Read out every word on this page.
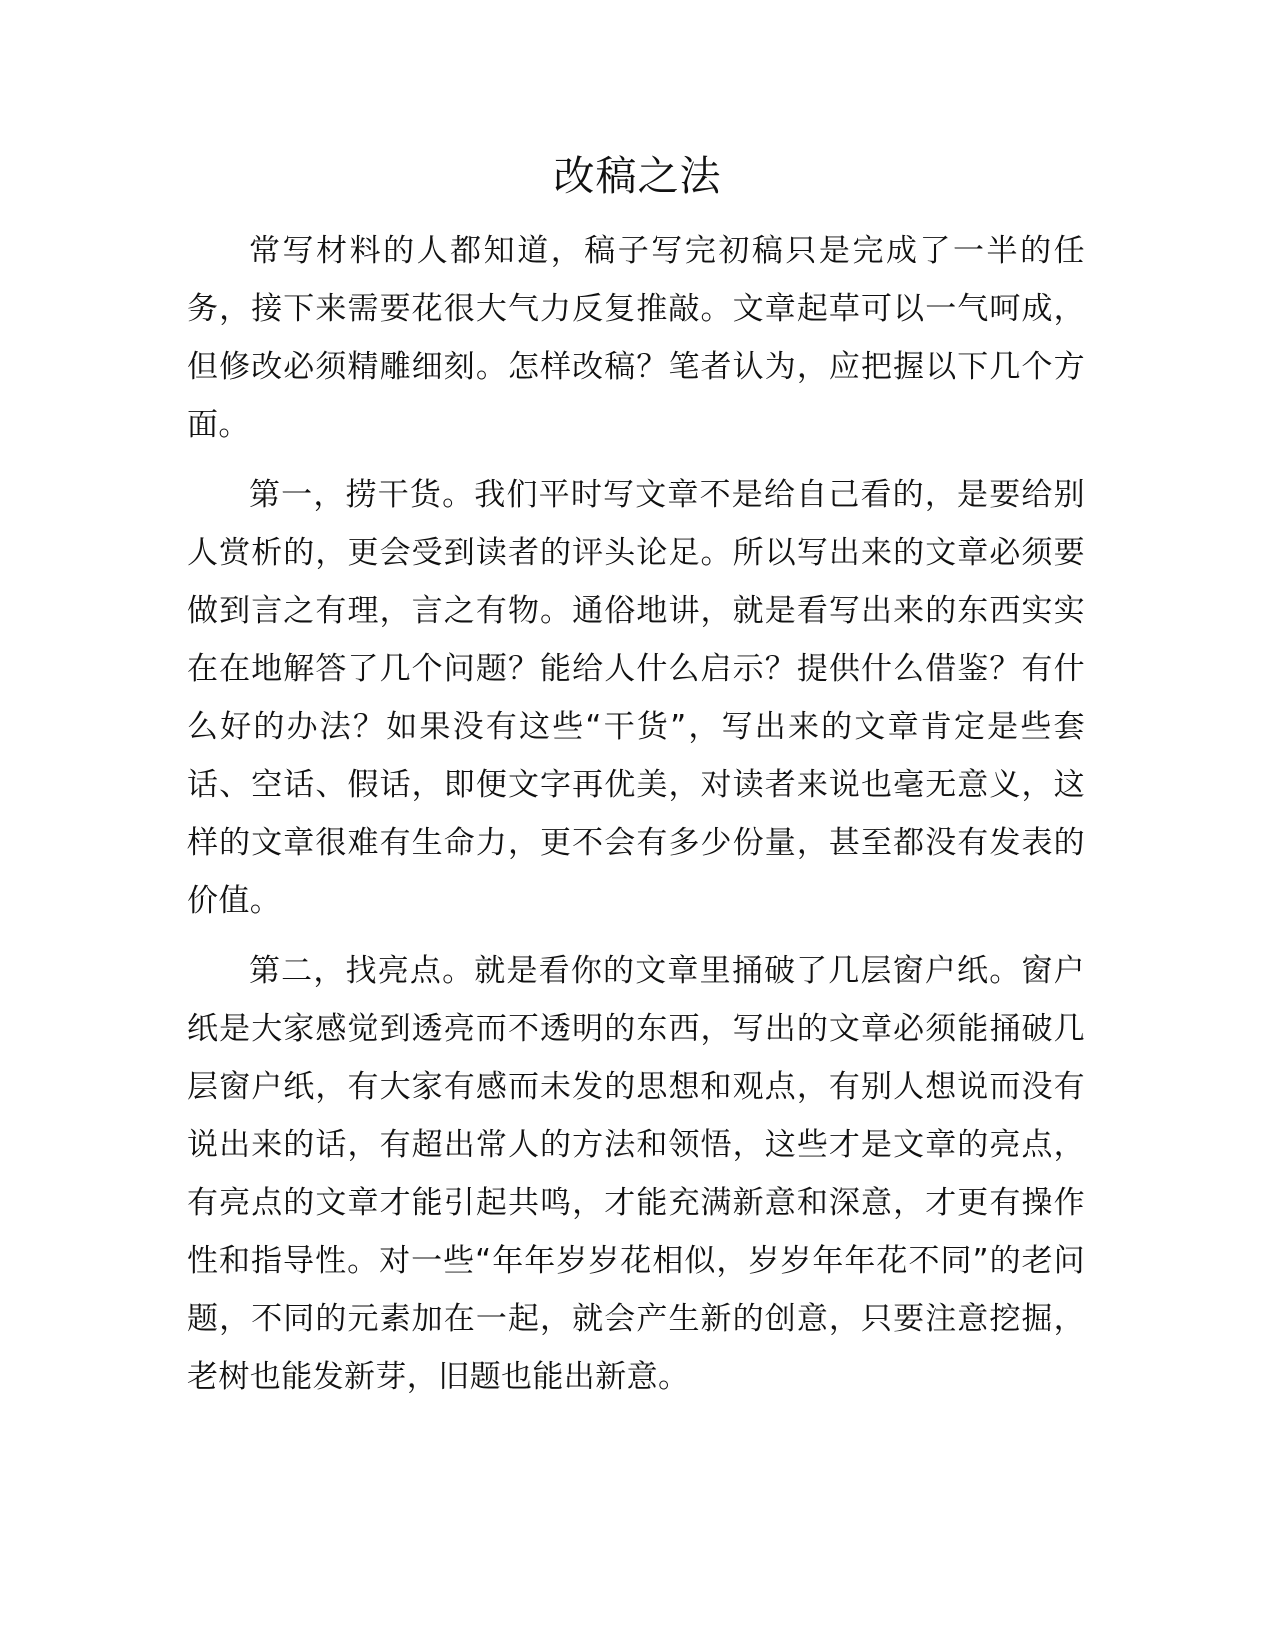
改稿之法

常写材料的人都知道，稿子写完初稿只是完成了一半的任务，接下来需要花很大气力反复推敲。文章起草可以一气呵成，但修改必须精雕细刻。怎样改稿？笔者认为，应把握以下几个方面。

第一，捞干货。我们平时写文章不是给自己看的，是要给别人赏析的，更会受到读者的评头论足。所以写出来的文章必须要做到言之有理，言之有物。通俗地讲，就是看写出来的东西实实在在地解答了几个问题？能给人什么启示？提供什么借鉴？有什么好的办法？如果没有这些“干货”，写出来的文章肯定是些套话、空话、假话，即便文字再优美，对读者来说也毫无意义，这样的文章很难有生命力，更不会有多少份量，甚至都没有发表的价值。

第二，找亮点。就是看你的文章里捅破了几层窗户纸。窗户纸是大家感觉到透亮而不透明的东西，写出的文章必须能捅破几层窗户纸，有大家有感而未发的思想和观点，有别人想说而没有说出来的话，有超出常人的方法和领悟，这些才是文章的亮点，有亮点的文章才能引起共鸣，才能充满新意和深意，才更有操作性和指导性。对一些“年年岁岁花相似，岁岁年年花不同”的老问题，不同的元素加在一起，就会产生新的创意，只要注意挖掘，老树也能发新芽，旧题也能出新意。
